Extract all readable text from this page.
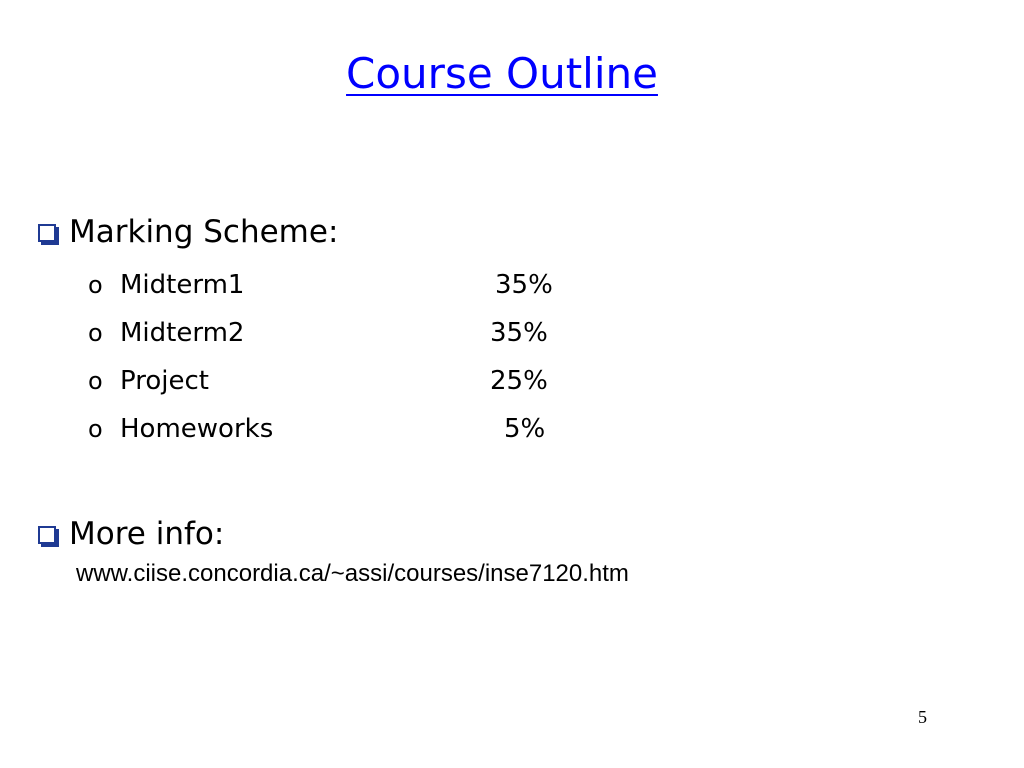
Course Outline
Marking Scheme:
o Midterm1	35%
o Midterm2	35%
o Project	25%
o Homeworks	5%
More info:
www.ciise.concordia.ca/~assi/courses/inse7120.htm
5
